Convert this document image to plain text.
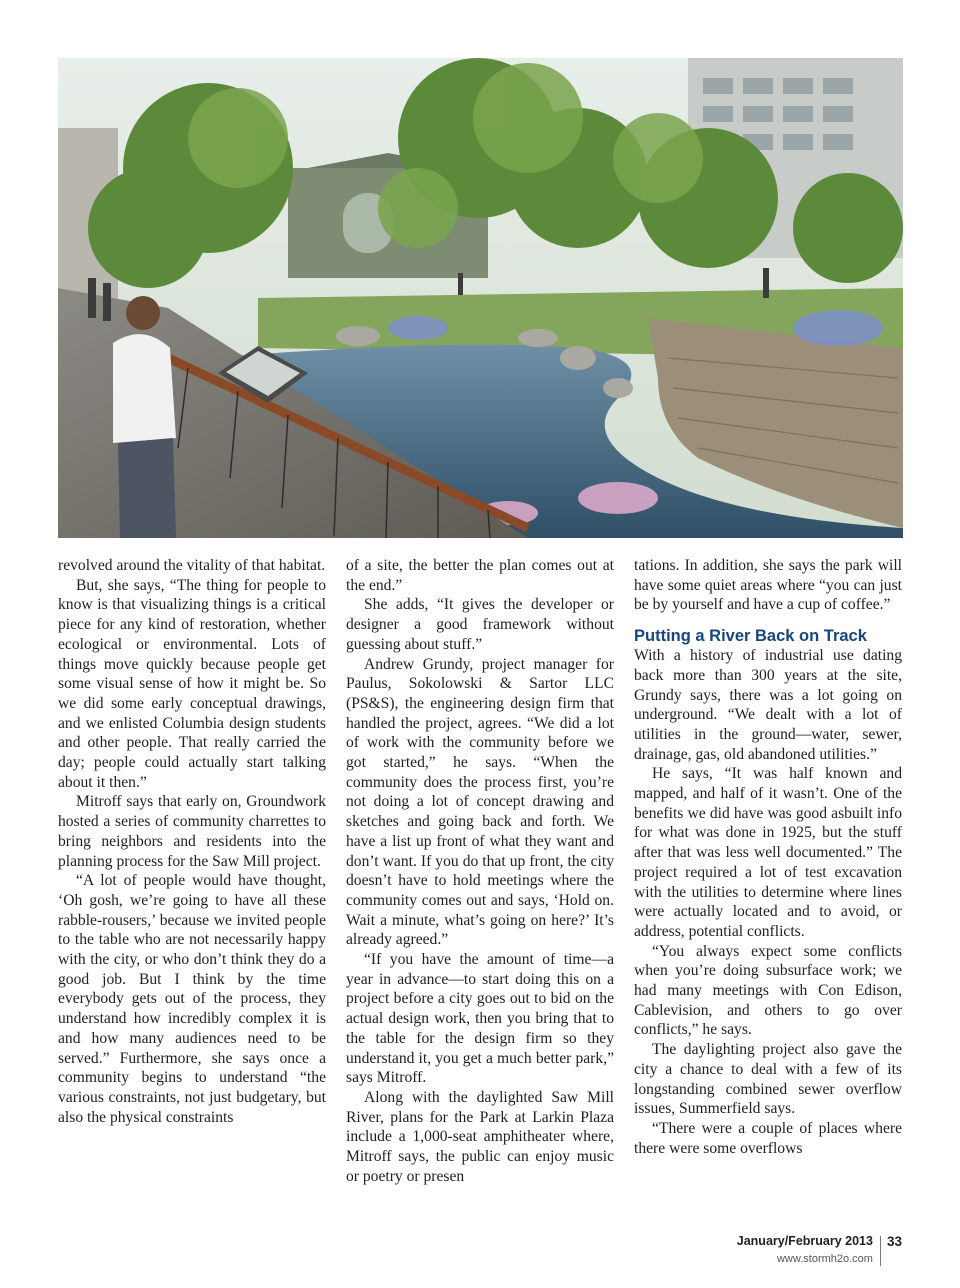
revolved around the vitality of that habitat.

But, she says, “The thing for people to know is that visualizing things is a critical piece for any kind of restoration, whether ecological or environmental. Lots of things move quickly because people get some visual sense of how it might be. So we did some early conceptual drawings, and we enlisted Columbia design students and other people. That really carried the day; people could actually start talking about it then.”

Mitroff says that early on, Groundwork hosted a series of community charrettes to bring neighbors and residents into the planning process for the Saw Mill project.

“A lot of people would have thought, ‘Oh gosh, we’re going to have all these rabble-rousers,’ because we invited people to the table who are not necessarily happy with the city, or who don’t think they do a good job. But I think by the time everybody gets out of the process, they understand how incredibly complex it is and how many audiences need to be served.” Furthermore, she says once a community begins to understand “the various constraints, not just budgetary, but also the physical constraints

of a site, the better the plan comes out at the end.”

She adds, “It gives the developer or designer a good framework without guessing about stuff.”

Andrew Grundy, project manager for Paulus, Sokolowski & Sartor LLC (PS&S), the engineering design firm that handled the project, agrees. “We did a lot of work with the community before we got started,” he says. “When the community does the process first, you’re not doing a lot of concept drawing and sketches and going back and forth. We have a list up front of what they want and don’t want. If you do that up front, the city doesn’t have to hold meetings where the community comes out and says, ‘Hold on. Wait a minute, what’s going on here?’ It’s already agreed.”

“If you have the amount of time—a year in advance—to start doing this on a project before a city goes out to bid on the actual design work, then you bring that to the table for the design firm so they understand it, you get a much better park,” says Mitroff.

Along with the daylighted Saw Mill River, plans for the Park at Larkin Plaza include a 1,000-seat amphitheater where, Mitroff says, the public can enjoy music or poetry or presen

tations. In addition, she says the park will have some quiet areas where “you can just be by yourself and have a cup of coffee.”

Putting a River Back on Track

With a history of industrial use dating back more than 300 years at the site, Grundy says, there was a lot going on underground. “We dealt with a lot of utilities in the ground—water, sewer, drainage, gas, old abandoned utilities.”

He says, “It was half known and mapped, and half of it wasn’t. One of the benefits we did have was good asbuilt info for what was done in 1925, but the stuff after that was less well documented.” The project required a lot of test excavation with the utilities to determine where lines were actually located and to avoid, or address, potential conflicts.

“You always expect some conflicts when you’re doing subsurface work; we had many meetings with Con Edison, Cablevision, and others to go over conflicts,” he says.

The daylighting project also gave the city a chance to deal with a few of its longstanding combined sewer overflow issues, Summerfield says.

“There were a couple of places where there were some overflows

January/February 2013
www.stormh2o.com
33
